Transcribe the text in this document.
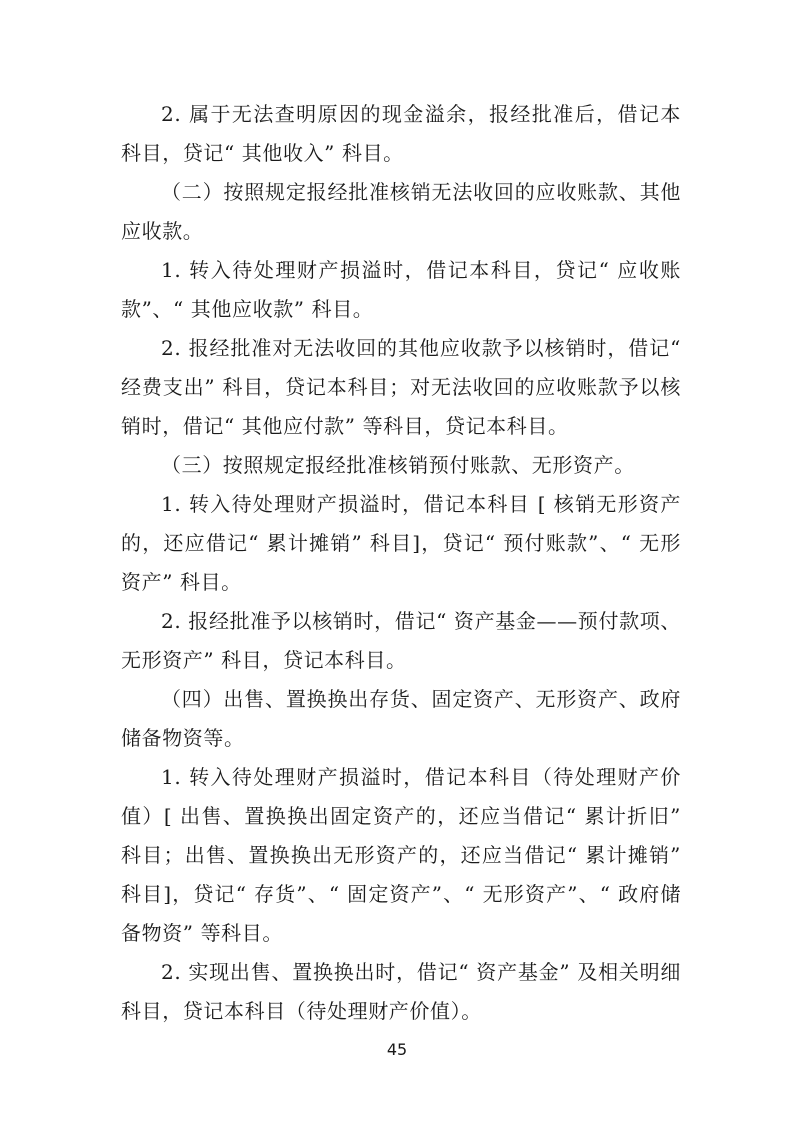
2. 属于无法查明原因的现金溢余，报经批准后，借记本科目，贷记“ 其他收入” 科目。

（二）按照规定报经批准核销无法收回的应收账款、其他应收款。

1. 转入待处理财产损溢时，借记本科目，贷记“ 应收账款”、“ 其他应收款” 科目。

2. 报经批准对无法收回的其他应收款予以核销时，借记“ 经费支出” 科目，贷记本科目；对无法收回的应收账款予以核销时，借记“ 其他应付款” 等科目，贷记本科目。

（三）按照规定报经批准核销预付账款、无形资产。

1. 转入待处理财产损溢时，借记本科目 [ 核销无形资产的，还应借记“ 累计摊销” 科目]，贷记“ 预付账款”、“ 无形资产” 科目。

2. 报经批准予以核销时，借记“ 资产基金——预付款项、无形资产” 科目，贷记本科目。

（四）出售、置换换出存货、固定资产、无形资产、政府储备物资等。

1. 转入待处理财产损溢时，借记本科目（待处理财产价值）[ 出售、置换换出固定资产的，还应当借记“ 累计折旧” 科目；出售、置换换出无形资产的，还应当借记“ 累计摊销” 科目]，贷记“ 存货”、“ 固定资产”、“ 无形资产”、“ 政府储备物资” 等科目。

2. 实现出售、置换换出时，借记“ 资产基金” 及相关明细科目，贷记本科目（待处理财产价值）。

45
